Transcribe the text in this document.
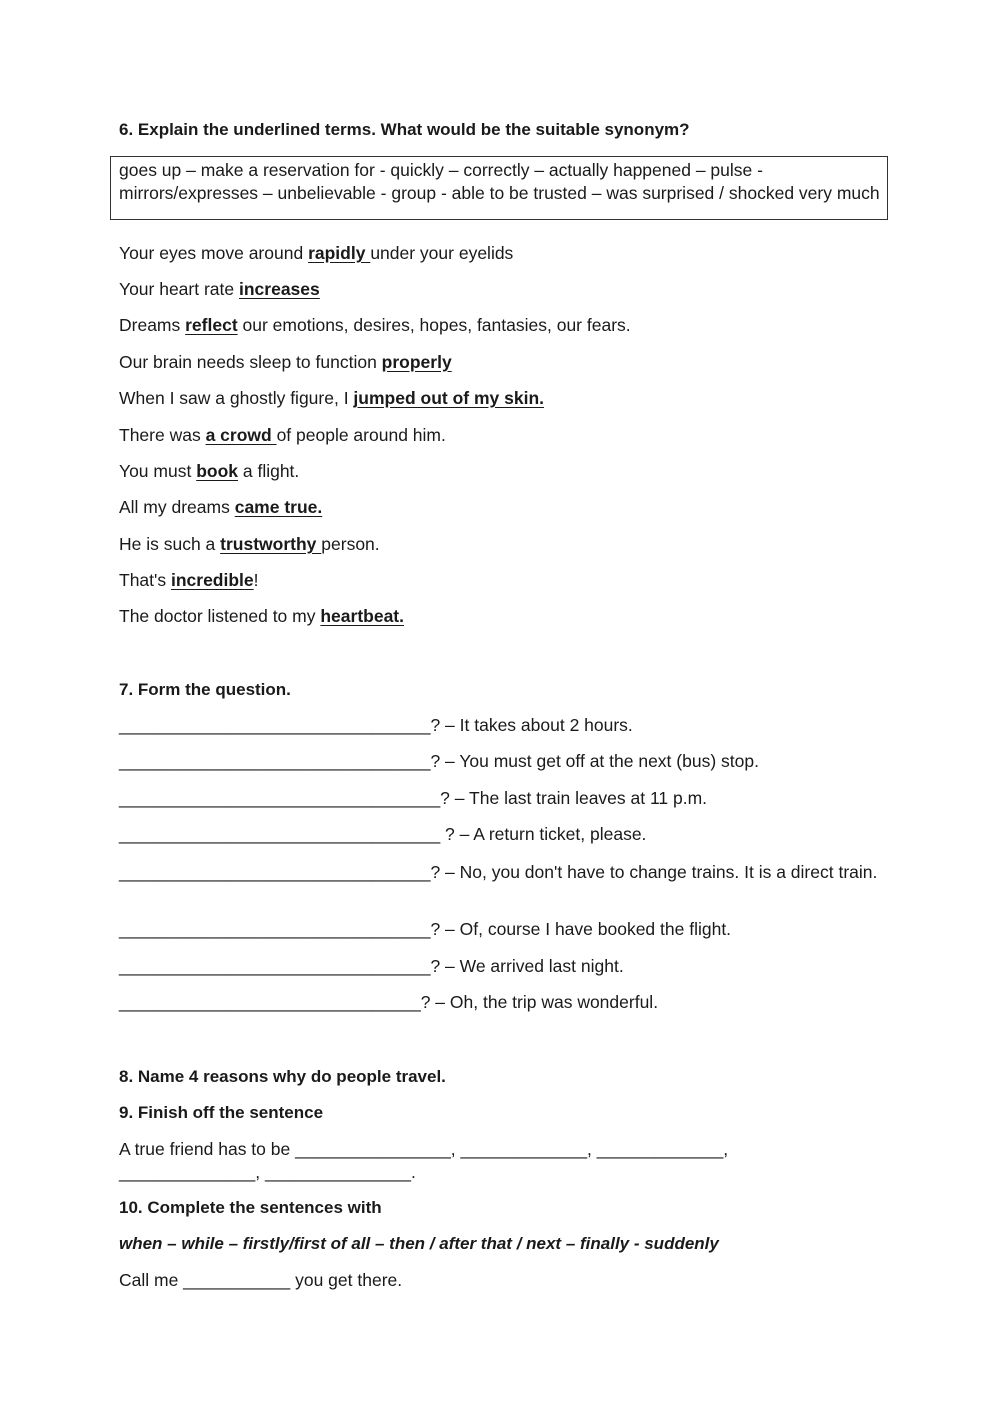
6. Explain the underlined terms. What would be the suitable synonym?
goes up – make a reservation for - quickly – correctly – actually happened – pulse - mirrors/expresses – unbelievable - group - able to be trusted – was surprised / shocked very much
Your eyes move around rapidly under your eyelids
Your heart rate increases
Dreams reflect our emotions, desires, hopes, fantasies, our fears.
Our brain needs sleep to function properly
When I saw a ghostly figure, I jumped out of my skin.
There was a crowd of people around him.
You must book a flight.
All my dreams came true.
He is such a trustworthy person.
That's incredible!
The doctor listened to my heartbeat.
7. Form the question.
________________________________? – It takes about 2 hours.
________________________________? – You must get off at the next (bus) stop.
_________________________________? – The last train leaves at 11 p.m.
_________________________________ ? – A return ticket, please.
________________________________? – No, you don't have to change trains. It is a direct train.
________________________________? – Of, course I have booked the flight.
________________________________? – We arrived last night.
_______________________________? – Oh, the trip was wonderful.
8. Name 4 reasons why do people travel.
9. Finish off the sentence
A true friend has to be ________________, _____________, _____________, ______________, _______________.
10. Complete the sentences with
when – while – firstly/first of all – then / after that / next – finally - suddenly
Call me ___________ you get there.
